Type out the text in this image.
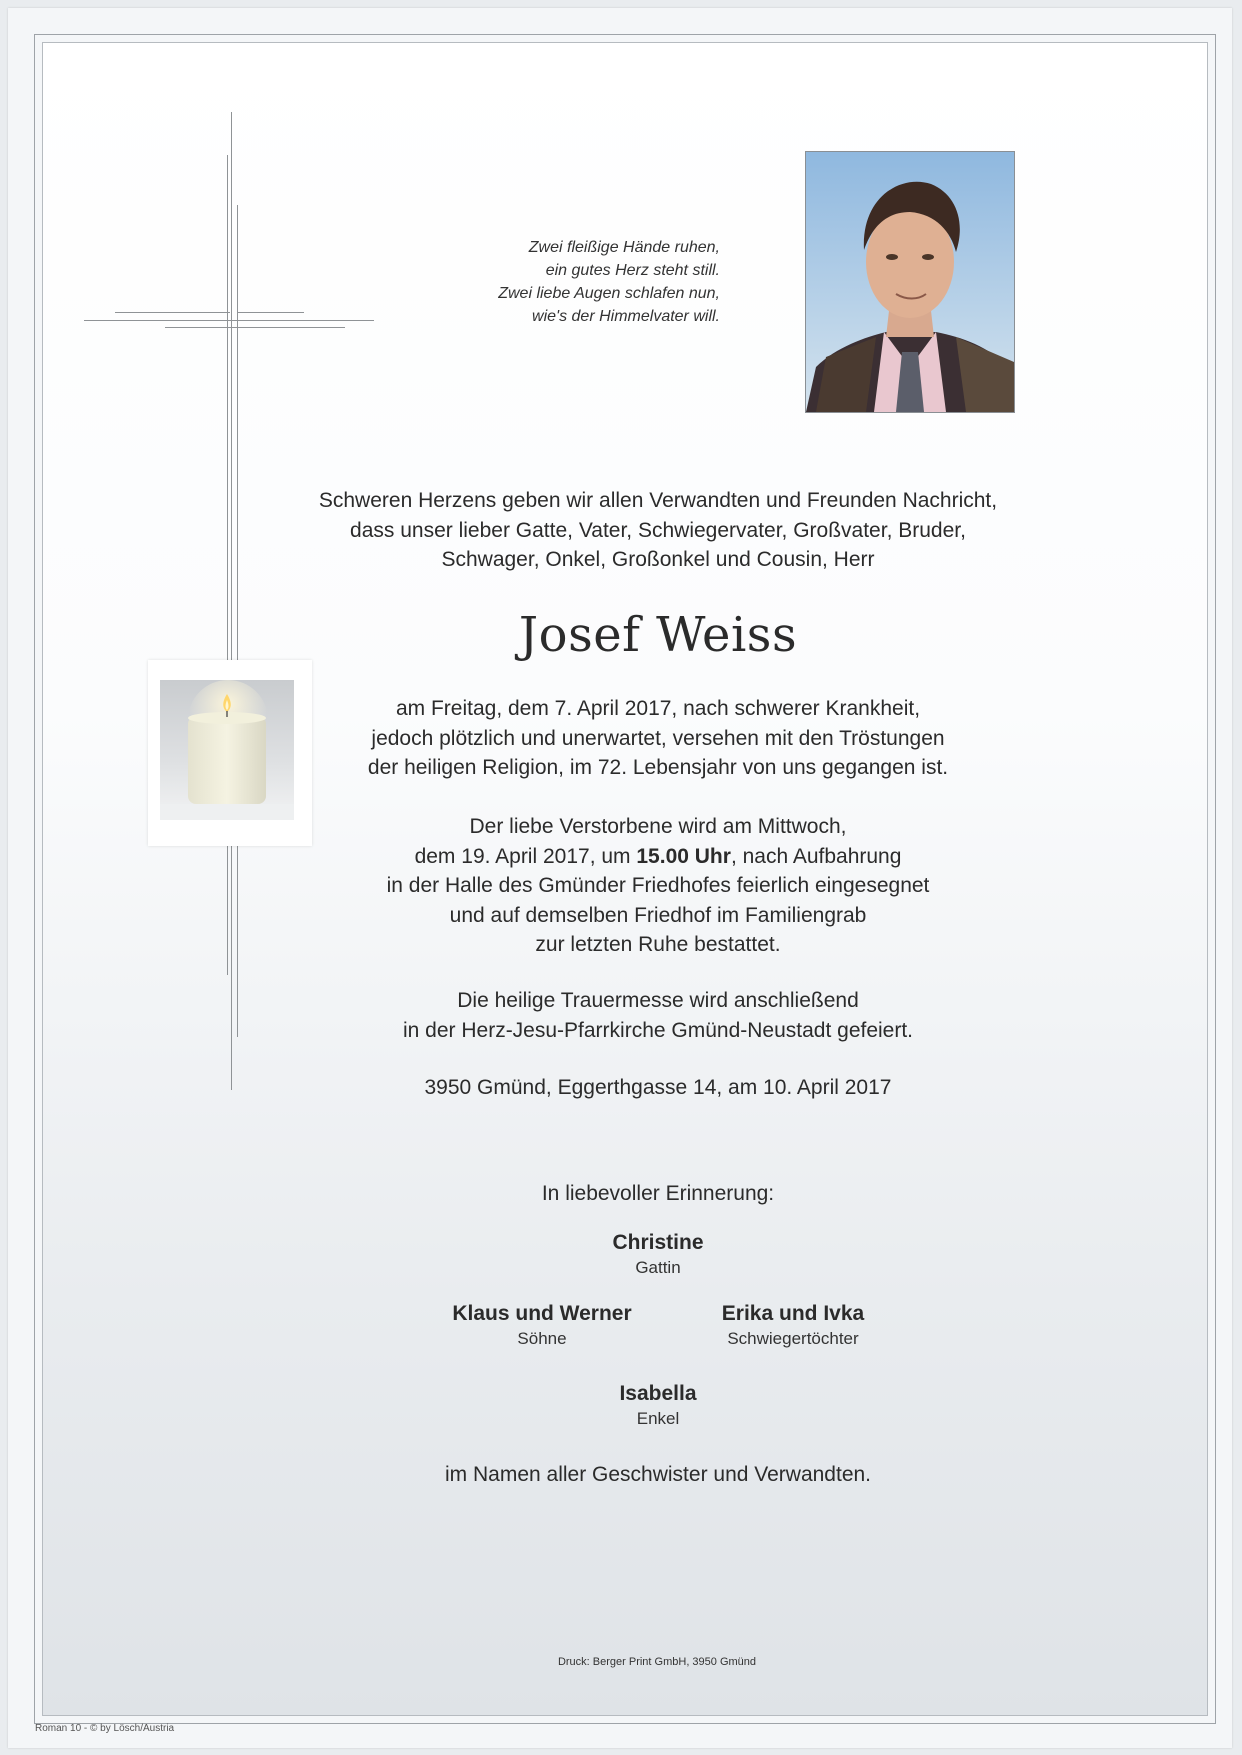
Zwei fleißige Hände ruhen,
ein gutes Herz steht still.
Zwei liebe Augen schlafen nun,
wie's der Himmelvater will.
Schweren Herzens geben wir allen Verwandten und Freunden Nachricht,
dass unser lieber Gatte, Vater, Schwiegervater, Großvater, Bruder,
Schwager, Onkel, Großonkel und Cousin, Herr
Josef Weiss
am Freitag, dem 7. April 2017, nach schwerer Krankheit,
jedoch plötzlich und unerwartet, versehen mit den Tröstungen
der heiligen Religion, im 72. Lebensjahr von uns gegangen ist.
Der liebe Verstorbene wird am Mittwoch,
dem 19. April 2017, um 15.00 Uhr, nach Aufbahrung
in der Halle des Gmünder Friedhofes feierlich eingesegnet
und auf demselben Friedhof im Familiengrab
zur letzten Ruhe bestattet.
Die heilige Trauermesse wird anschließend
in der Herz-Jesu-Pfarrkirche Gmünd-Neustadt gefeiert.
3950 Gmünd, Eggerthgasse 14, am 10. April 2017
In liebevoller Erinnerung:
Christine
Gattin
Klaus und Werner
Söhne
Erika und Ivka
Schwiegertöchter
Isabella
Enkel
im Namen aller Geschwister und Verwandten.
Druck: Berger Print GmbH, 3950 Gmünd
Roman 10 - © by Lösch/Austria
